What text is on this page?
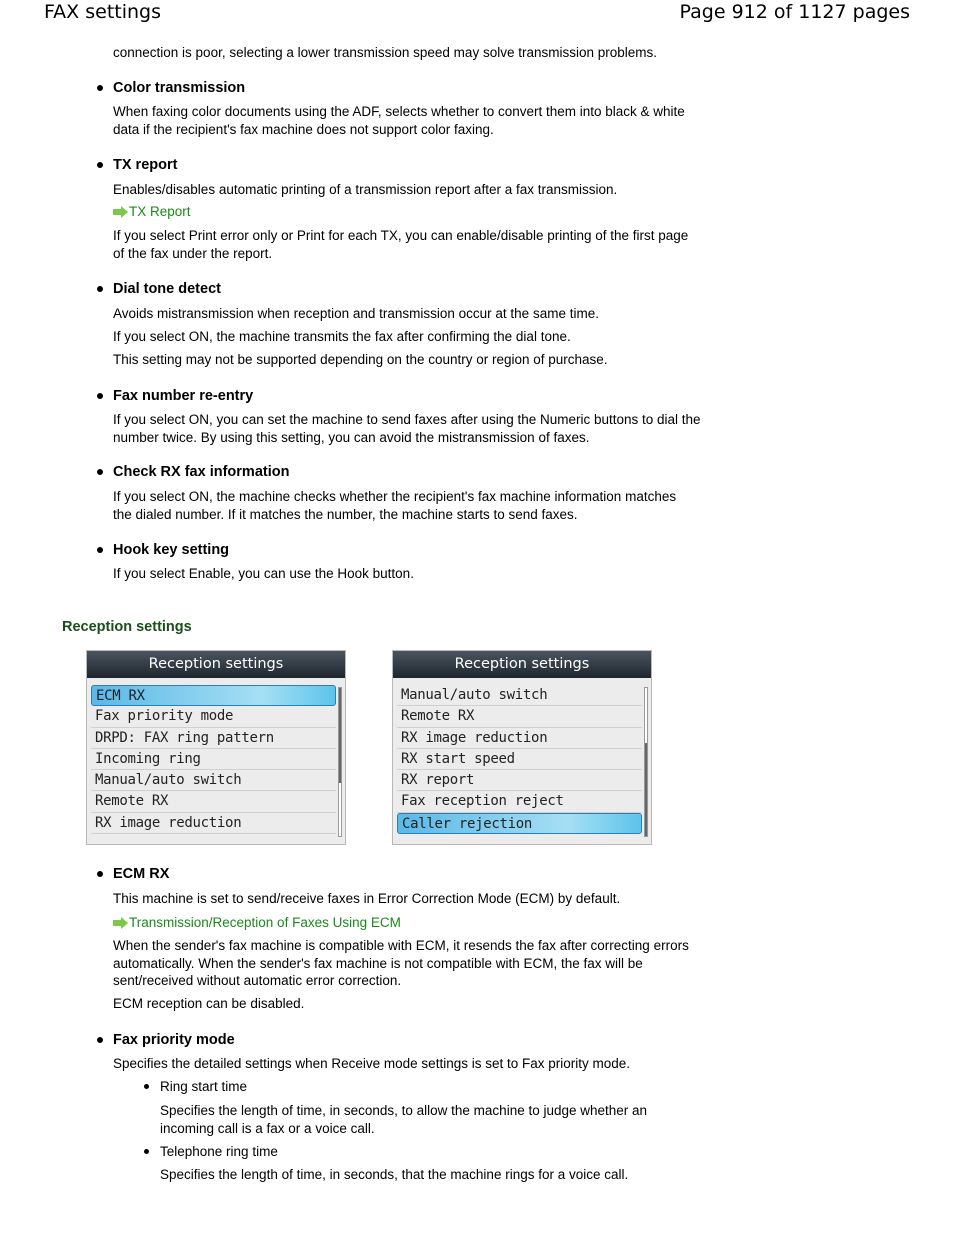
FAX settings	Page 912 of 1127 pages

connection is poor, selecting a lower transmission speed may solve transmission problems.

Color transmission

When faxing color documents using the ADF, selects whether to convert them into black & white data if the recipient's fax machine does not support color faxing.

TX report

Enables/disables automatic printing of a transmission report after a fax transmission.

TX Report

If you select Print error only or Print for each TX, you can enable/disable printing of the first page of the fax under the report.

Dial tone detect

Avoids mistransmission when reception and transmission occur at the same time.

If you select ON, the machine transmits the fax after confirming the dial tone.

This setting may not be supported depending on the country or region of purchase.

Fax number re-entry

If you select ON, you can set the machine to send faxes after using the Numeric buttons to dial the number twice. By using this setting, you can avoid the mistransmission of faxes.

Check RX fax information

If you select ON, the machine checks whether the recipient's fax machine information matches the dialed number. If it matches the number, the machine starts to send faxes.

Hook key setting

If you select Enable, you can use the Hook button.

Reception settings
Reception settings
ECM RX
Fax priority mode
DRPD: FAX ring pattern
Incoming ring
Manual/auto switch
Remote RX
RX image reduction
Reception settings
Manual/auto switch
Remote RX
RX image reduction
RX start speed
RX report
Fax reception reject
Caller rejection

ECM RX

This machine is set to send/receive faxes in Error Correction Mode (ECM) by default.

Transmission/Reception of Faxes Using ECM

When the sender's fax machine is compatible with ECM, it resends the fax after correcting errors automatically. When the sender's fax machine is not compatible with ECM, the fax will be sent/received without automatic error correction.

ECM reception can be disabled.

Fax priority mode

Specifies the detailed settings when Receive mode settings is set to Fax priority mode.

Ring start time

Specifies the length of time, in seconds, to allow the machine to judge whether an incoming call is a fax or a voice call.

Telephone ring time

Specifies the length of time, in seconds, that the machine rings for a voice call.
